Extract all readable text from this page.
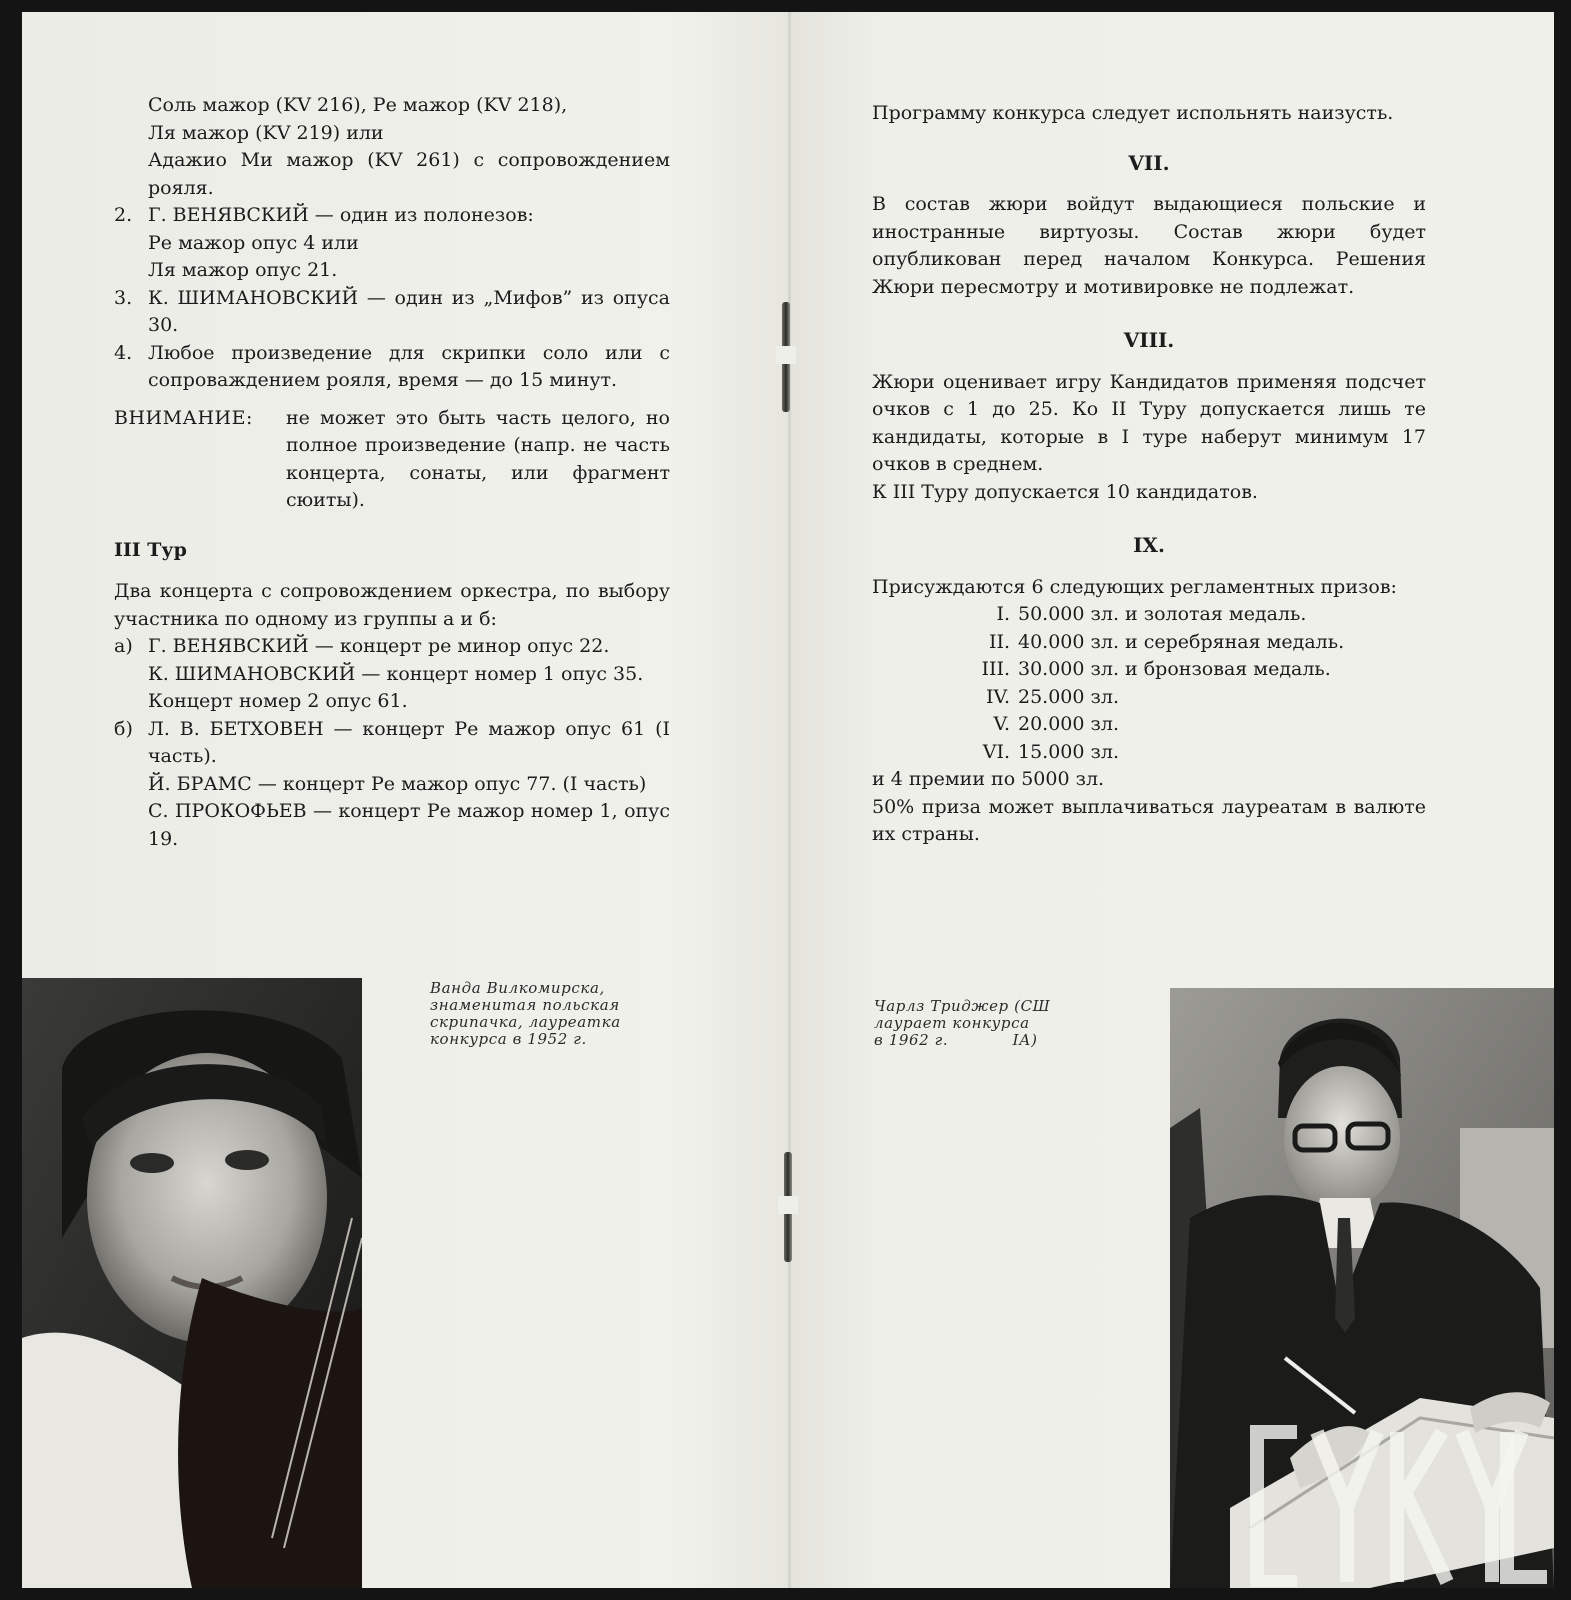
Соль мажор (KV 216), Ре мажор (KV 218),

Ля мажор (KV 219) или

Адажио Ми мажор (KV 261) с сопровождением рояля.

2. Г. ВЕНЯВСКИЙ — один из полонезов:

Ре мажор опус 4 или

Ля мажор опус 21.

3. К. ШИМАНОВСКИЙ — один из „Мифов” из опуса 30.

4. Любое произведение для скрипки соло или с сопроваждением рояля, время — до 15 минут.

ВНИМАНИЕ:	не может это быть часть целого, но полное произведение (напр. не часть концерта, сонаты, или фрагмент сюиты).
III Тур

Два концерта с сопровождением оркестра, по выбору участника по одному из группы а и б:

а) Г. ВЕНЯВСКИЙ — концерт ре минор опус 22.

К. ШИМАНОВСКИЙ — концерт номер 1 опус 35.

Концерт номер 2 опус 61.

б) Л. В. БЕТХОВЕН — концерт Ре мажор опус 61 (I часть).

Й. БРАМС — концерт Ре мажор опус 77. (I часть)

С. ПРОКОФЬЕВ — концерт Ре мажор номер 1, опус 19.

Ванда Вилкомирска,
знаменитая польская
скрипачка, лауреатка
конкурса в 1952 г.

Программу конкурса следует испольнять наизусть.

VII.

В состав жюри войдут выдающиеся польские и иностранные виртуозы. Состав жюри будет опубликован перед началом Конкурса. Решения Жюри пересмотру и мотивировке не подлежат.

VIII.

Жюри оценивает игру Кандидатов применяя подсчет очков с 1 до 25. Ко II Туру допускается лишь те кандидаты, которые в I туре наберут минимум 17 очков в среднем.

К III Туру допускается 10 кандидатов.

IX.

Присуждаются 6 следующих регламентных призов:

I. 50.000 зл. и золотая медаль.
II. 40.000 зл. и серебряная медаль.
III. 30.000 зл. и бронзовая медаль.
IV. 25.000 зл.
V. 20.000 зл.
VI. 15.000 зл.

и 4 премии по 5000 зл.

50% приза может выплачиваться лауреатам в валюте их страны.

Чарлз Триджер (СШ
лаурает конкурса
в 1962 г.            IА)
